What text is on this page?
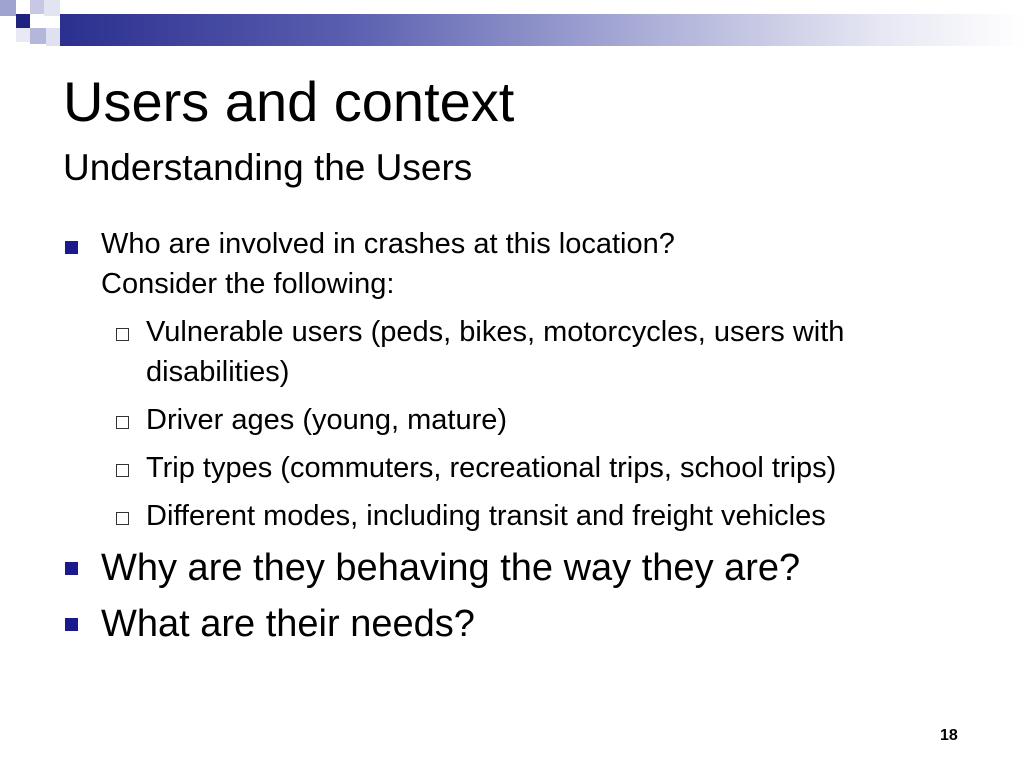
Users and context
Understanding the Users
Who are involved in crashes at this location?
Consider the following:
Vulnerable users (peds, bikes, motorcycles, users with disabilities)
Driver ages (young, mature)
Trip types (commuters, recreational trips, school trips)
Different modes, including transit and freight vehicles
Why are they behaving the way they are?
What are their needs?
18
